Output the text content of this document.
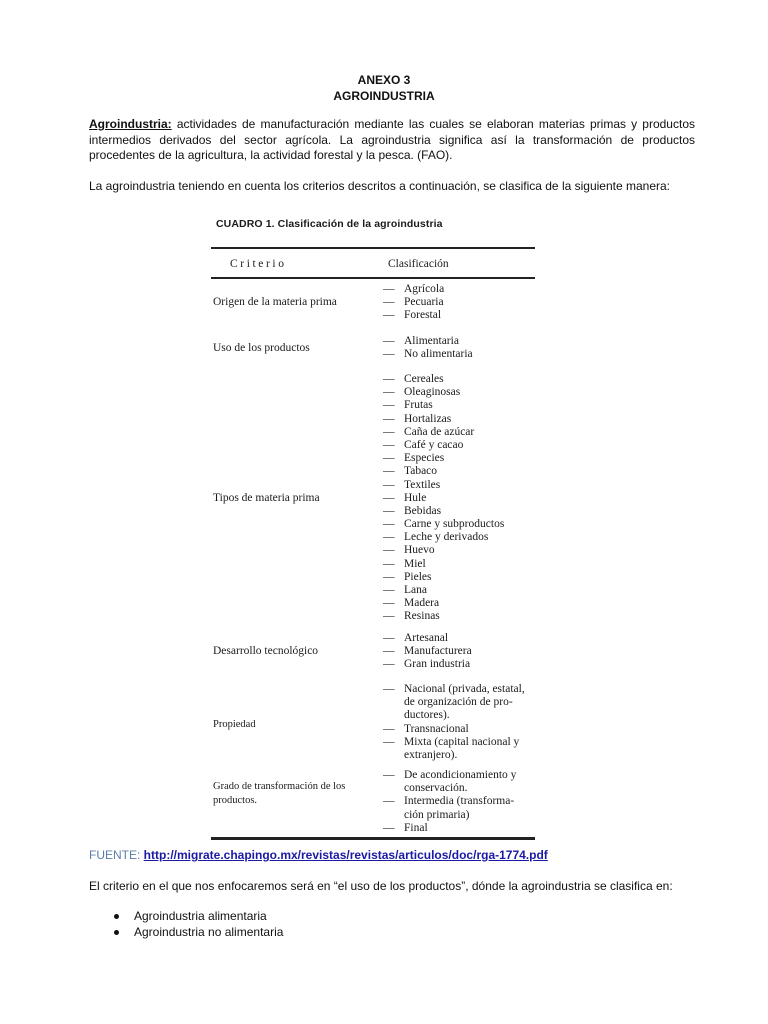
ANEXO 3
AGROINDUSTRIA
Agroindustria: actividades de manufacturación mediante las cuales se elaboran materias primas y productos intermedios derivados del sector agrícola. La agroindustria significa así la transformación de productos procedentes de la agricultura, la actividad forestal y la pesca. (FAO).
La agroindustria teniendo en cuenta los criterios descritos a continuación, se clasifica de la siguiente manera:
CUADRO 1. Clasificación de la agroindustria
Criterio	Clasificación
Origen de la materia prima
— Agrícola
— Pecuaria
— Forestal
Uso de los productos
— Alimentaria
— No alimentaria
Tipos de materia prima
— Cereales
— Oleaginosas
— Frutas
— Hortalizas
— Caña de azúcar
— Café y cacao
— Especies
— Tabaco
— Textiles
— Hule
— Bebidas
— Carne y subproductos
— Leche y derivados
— Huevo
— Miel
— Pieles
— Lana
— Madera
— Resinas
Desarrollo tecnológico
— Artesanal
— Manufacturera
— Gran industria
Propiedad
— Nacional (privada, estatal,
de organización de pro-
ductores).
— Transnacional
— Mixta (capital nacional y
extranjero).
Grado de transformación de los productos.
— De acondicionamiento y
conservación.
— Intermedia (transforma-
ción primaria)
— Final
FUENTE: http://migrate.chapingo.mx/revistas/revistas/articulos/doc/rga-1774.pdf
El criterio en el que nos enfocaremos será en “el uso de los productos”, dónde la agroindustria se clasifica en:
Agroindustria alimentaria
Agroindustria no alimentaria
